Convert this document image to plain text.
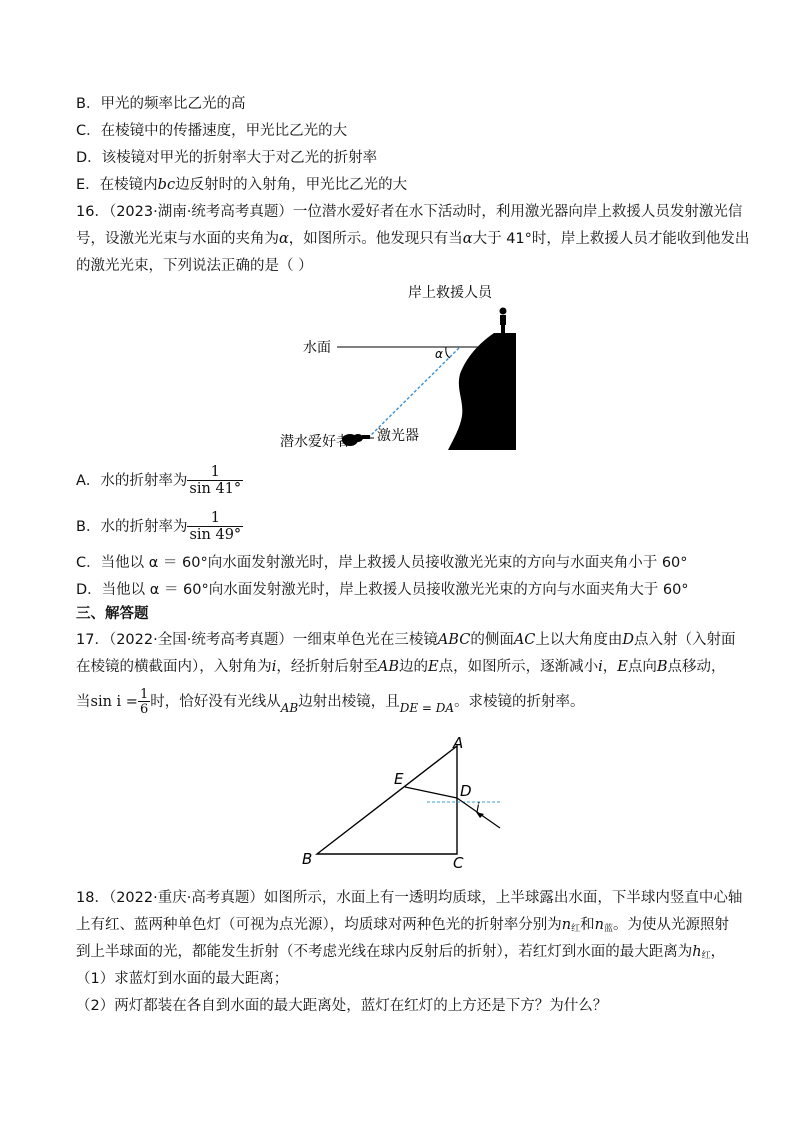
B．甲光的频率比乙光的高
C．在棱镜中的传播速度，甲光比乙光的大
D．该棱镜对甲光的折射率大于对乙光的折射率
E．在棱镜内bc边反射时的入射角，甲光比乙光的大
16．（2023·湖南·统考高考真题）一位潜水爱好者在水下活动时，利用激光器向岸上救援人员发射激光信
号，设激光光束与水面的夹角为α，如图所示。他发现只有当α大于 41°时，岸上救援人员才能收到他发出
的激光光束，下列说法正确的是（ ）
岸上救援人员
水面	α
潜水爱好者 激光器
A．水的折射率为 $\frac{1}{\sin 41^\circ}$
B．水的折射率为 $\frac{1}{\sin 49^\circ}$
C．当他以 α ＝ 60°向水面发射激光时，岸上救援人员接收激光光束的方向与水面夹角小于 60°
D．当他以 α ＝ 60°向水面发射激光时，岸上救援人员接收激光光束的方向与水面夹角大于 60°
三、解答题
17．（2022·全国·统考高考真题）一细束单色光在三棱镜ABC的侧面AC上以大角度由D点入射（入射面
在棱镜的横截面内），入射角为i，经折射后射至AB边的E点，如图所示，逐渐减小i，E点向B点移动，
当$\sin i = \frac{1}{6}$ 时，恰好没有光线从$_{AB}$边射出棱镜，且$_{DE = DA}$。求棱镜的折射率。
A
B	C
D
E
i
18．（2022·重庆·高考真题）如图所示，水面上有一透明均质球，上半球露出水面，下半球内竖直中心轴
上有红、蓝两种单色灯（可视为点光源），均质球对两种色光的折射率分别为$n_红$和$n_蓝$。为使从光源照射
到上半球面的光，都能发生折射（不考虑光线在球内反射后的折射），若红灯到水面的最大距离为$h_红$，
（1）求蓝灯到水面的最大距离；
（2）两灯都装在各自到水面的最大距离处，蓝灯在红灯的上方还是下方？为什么？
